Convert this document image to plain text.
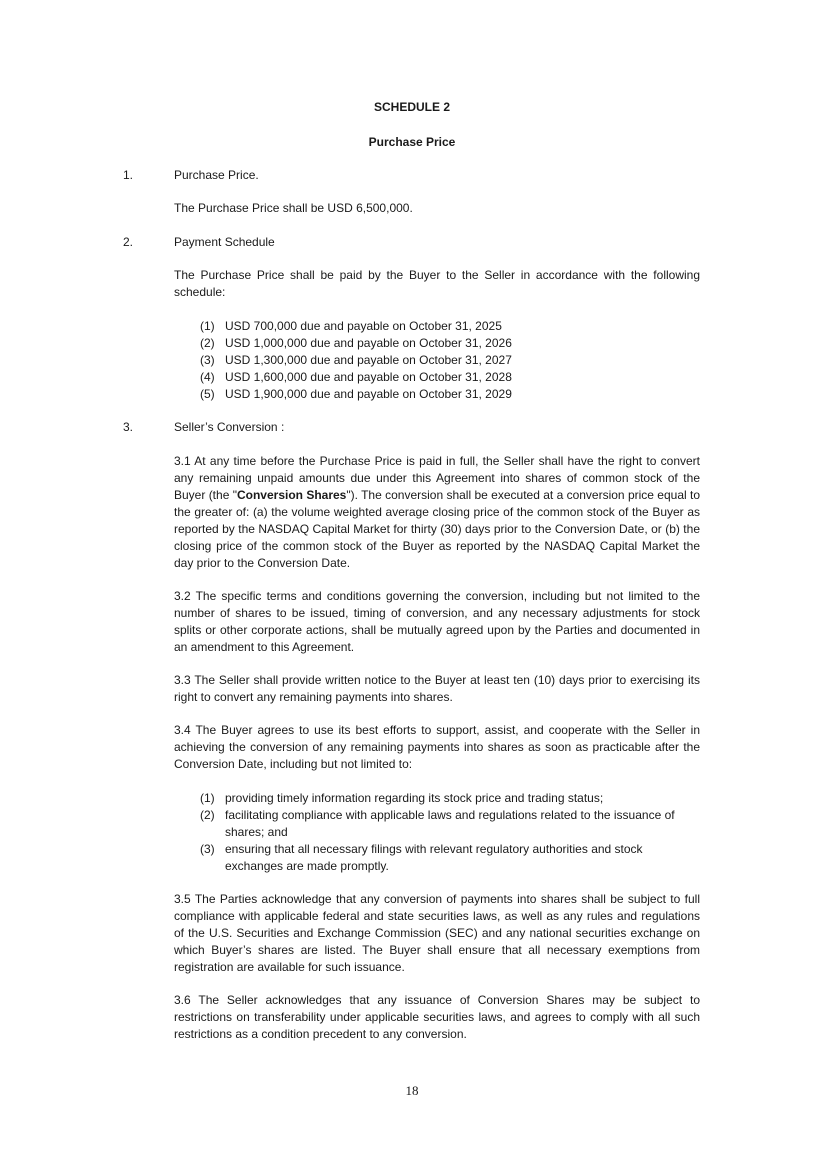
SCHEDULE 2
Purchase Price
1.	Purchase Price.
The Purchase Price shall be USD 6,500,000.
2.	Payment Schedule
The Purchase Price shall be paid by the Buyer to the Seller in accordance with the following schedule:
(1) USD 700,000 due and payable on October 31, 2025
(2) USD 1,000,000 due and payable on October 31, 2026
(3) USD 1,300,000 due and payable on October 31, 2027
(4) USD 1,600,000 due and payable on October 31, 2028
(5) USD 1,900,000 due and payable on October 31, 2029
3.	Seller’s Conversion :

3.1 At any time before the Purchase Price is paid in full, the Seller shall have the right to convert any remaining unpaid amounts due under this Agreement into shares of common stock of the Buyer (the "Conversion Shares"). The conversion shall be executed at a conversion price equal to the greater of: (a) the volume weighted average closing price of the common stock of the Buyer as reported by the NASDAQ Capital Market for thirty (30) days prior to the Conversion Date, or (b) the closing price of the common stock of the Buyer as reported by the NASDAQ Capital Market the day prior to the Conversion Date.

3.2 The specific terms and conditions governing the conversion, including but not limited to the number of shares to be issued, timing of conversion, and any necessary adjustments for stock splits or other corporate actions, shall be mutually agreed upon by the Parties and documented in an amendment to this Agreement.
3.3 The Seller shall provide written notice to the Buyer at least ten (10) days prior to exercising its right to convert any remaining payments into shares.
3.4 The Buyer agrees to use its best efforts to support, assist, and cooperate with the Seller in achieving the conversion of any remaining payments into shares as soon as practicable after the Conversion Date, including but not limited to:
(1) providing timely information regarding its stock price and trading status;
(2) facilitating compliance with applicable laws and regulations related to the issuance of shares; and
(3) ensuring that all necessary filings with relevant regulatory authorities and stock exchanges are made promptly.
3.5 The Parties acknowledge that any conversion of payments into shares shall be subject to full compliance with applicable federal and state securities laws, as well as any rules and regulations of the U.S. Securities and Exchange Commission (SEC) and any national securities exchange on which Buyer’s shares are listed. The Buyer shall ensure that all necessary exemptions from registration are available for such issuance.
3.6 The Seller acknowledges that any issuance of Conversion Shares may be subject to restrictions on transferability under applicable securities laws, and agrees to comply with all such restrictions as a condition precedent to any conversion.
18
